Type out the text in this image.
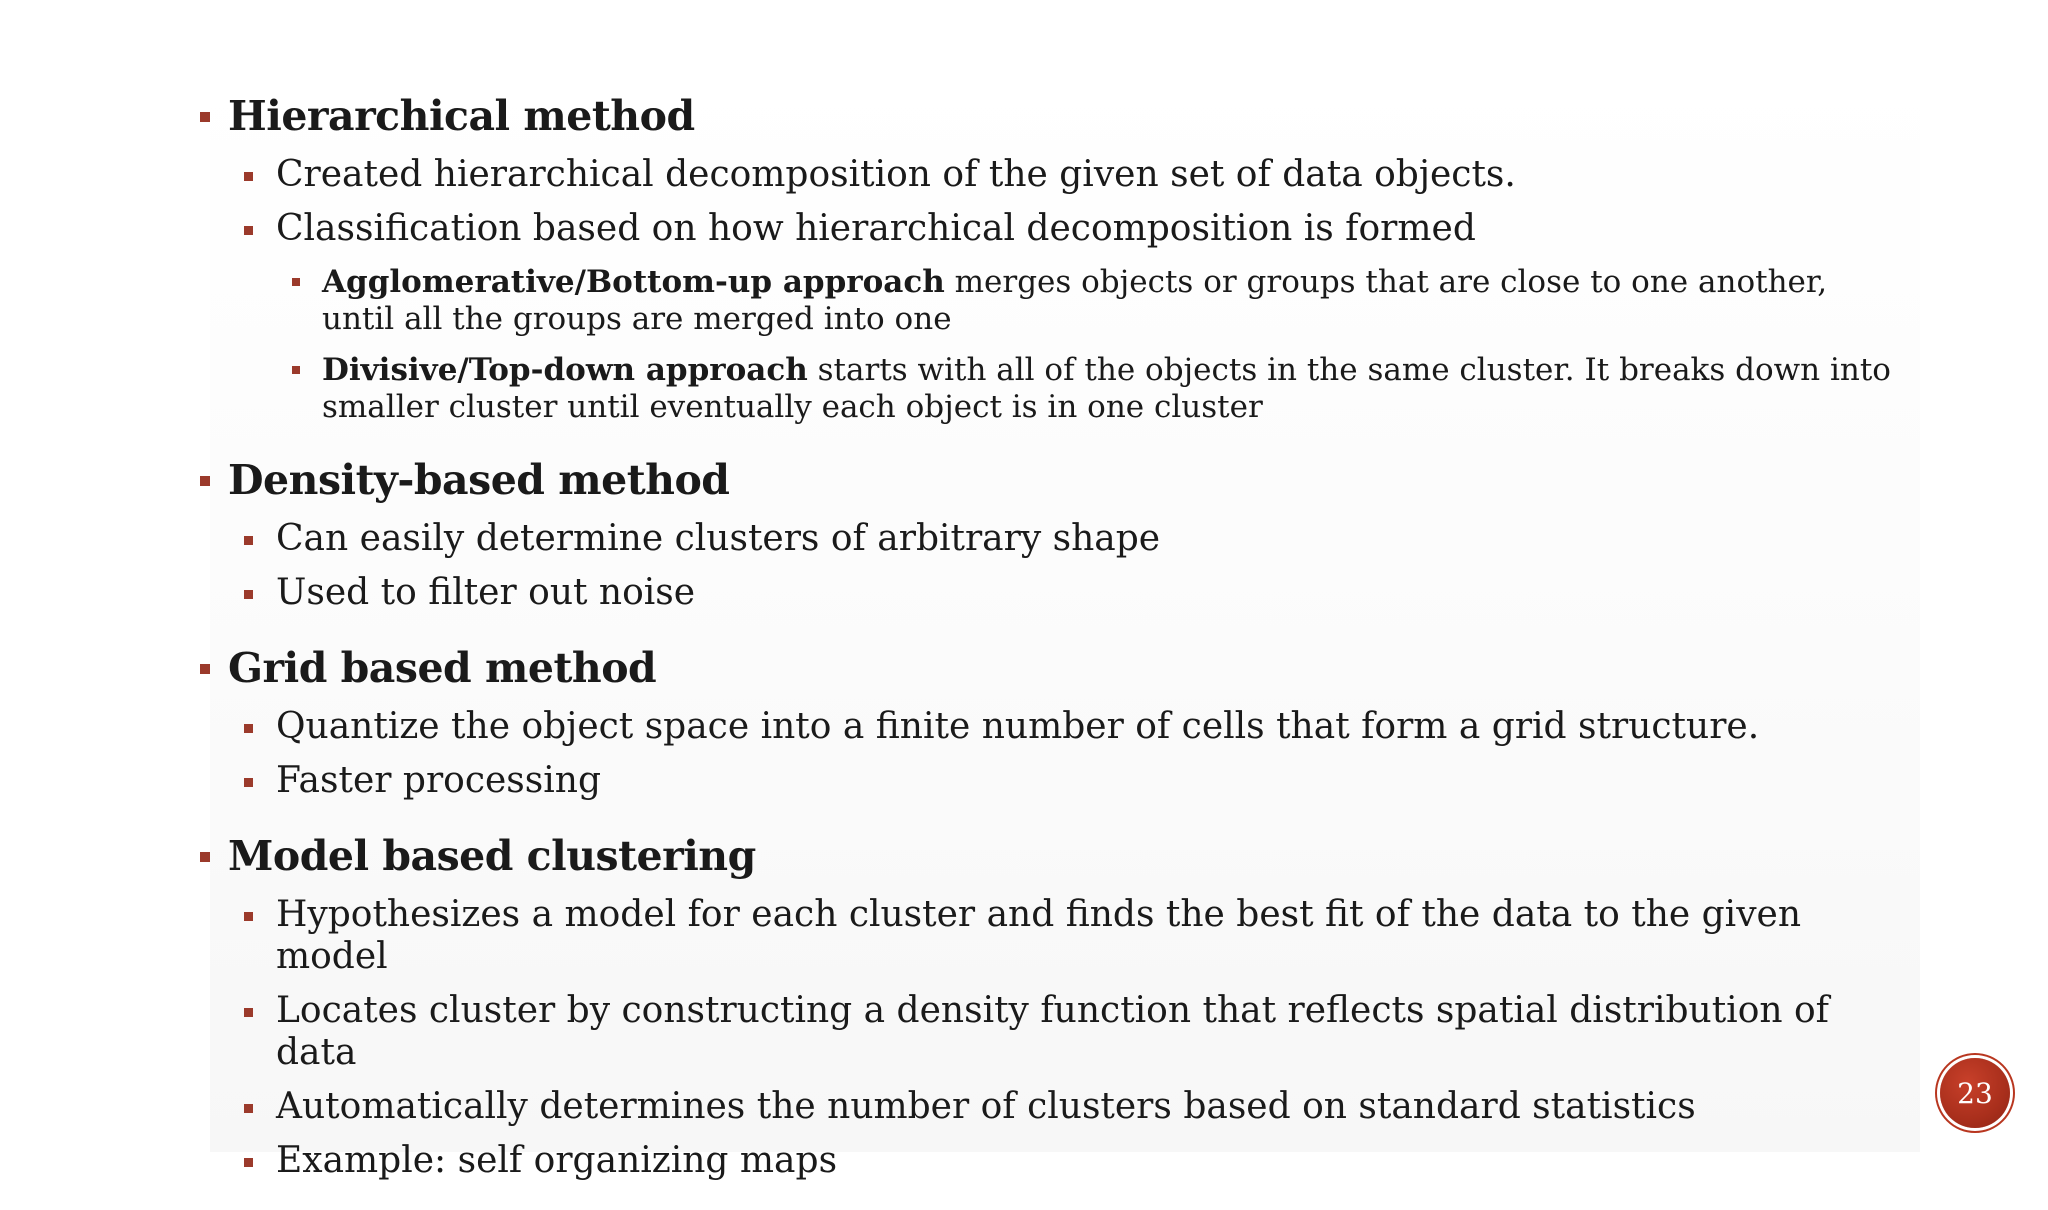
Hierarchical method
Created hierarchical decomposition of the given set of data objects.
Classification based on how hierarchical decomposition is formed
Agglomerative/Bottom-up approach merges objects or groups that are close to one another, until all the groups are merged into one
Divisive/Top-down approach starts with all of the objects in the same cluster. It breaks down into smaller cluster until eventually each object is in one cluster
Density-based method
Can easily determine clusters of arbitrary shape
Used to filter out noise
Grid based method
Quantize the object space into a finite number of cells that form a grid structure.
Faster processing
Model based clustering
Hypothesizes a model for each cluster and finds the best fit of the data to the given model
Locates cluster by constructing a density function that reflects spatial distribution of data
Automatically determines the number of clusters based on standard statistics
Example: self organizing maps
23
